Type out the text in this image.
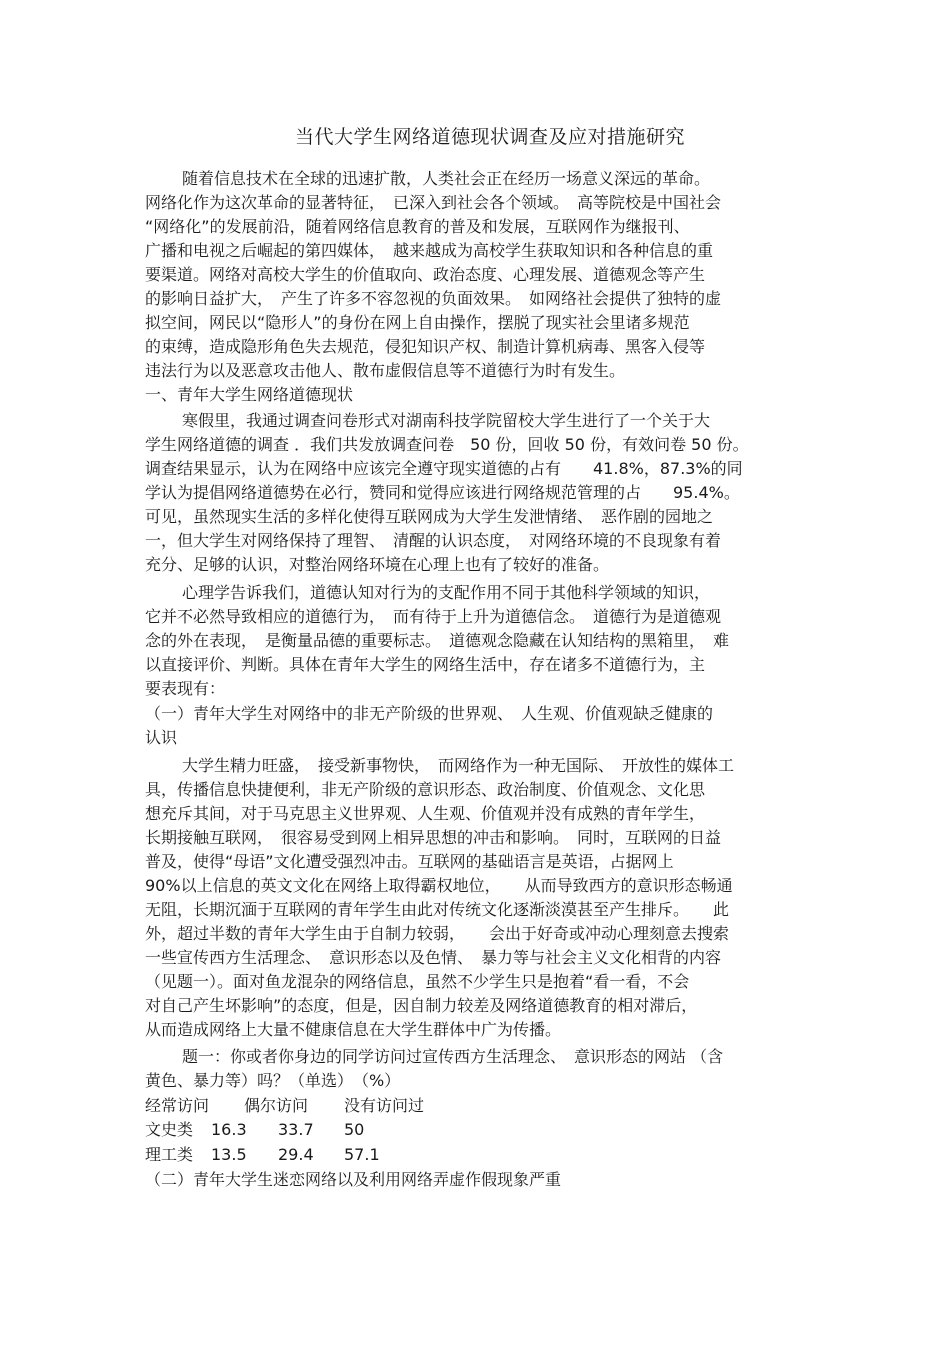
当代大学生网络道德现状调查及应对措施研究
随着信息技术在全球的迅速扩散，人类社会正在经历一场意义深远的革命。
网络化作为这次革命的显著特征，　已深入到社会各个领域。　高等院校是中国社会
“网络化”的发展前沿，随着网络信息教育的普及和发展，互联网作为继报刊、
广播和电视之后崛起的第四媒体，　越来越成为高校学生获取知识和各种信息的重
要渠道。网络对高校大学生的价值取向、政治态度、心理发展、道德观念等产生
的影响日益扩大，　产生了许多不容忽视的负面效果。　如网络社会提供了独特的虚
拟空间，网民以“隐形人”的身份在网上自由操作，摆脱了现实社会里诸多规范
的束缚，造成隐形角色失去规范，侵犯知识产权、制造计算机病毒、黑客入侵等
违法行为以及恶意攻击他人、散布虚假信息等不道德行为时有发生。
一、青年大学生网络道德现状
寒假里，我通过调查问卷形式对湖南科技学院留校大学生进行了一个关于大
学生网络道德的调查 ．我们共发放调查问卷　50 份，回收 50 份，有效问卷 50 份。
调查结果显示，认为在网络中应该完全遵守现实道德的占有　　41.8%，87.3%的同
学认为提倡网络道德势在必行，赞同和觉得应该进行网络规范管理的占　　95.4%。
可见，虽然现实生活的多样化使得互联网成为大学生发泄情绪、　恶作剧的园地之
一，但大学生对网络保持了理智、　清醒的认识态度，　对网络环境的不良现象有着
充分、足够的认识，对整治网络环境在心理上也有了较好的准备。
心理学告诉我们，道德认知对行为的支配作用不同于其他科学领域的知识，
它并不必然导致相应的道德行为，　而有待于上升为道德信念。　道德行为是道德观
念的外在表现，　是衡量品德的重要标志。　道德观念隐藏在认知结构的黑箱里，　难
以直接评价、判断。具体在青年大学生的网络生活中，存在诸多不道德行为，主
要表现有：
（一）青年大学生对网络中的非无产阶级的世界观、　人生观、价值观缺乏健康的
认识
大学生精力旺盛，　接受新事物快，　而网络作为一种无国际、　开放性的媒体工
具，传播信息快捷便利，非无产阶级的意识形态、政治制度、价值观念、文化思
想充斥其间，对于马克思主义世界观、人生观、价值观并没有成熟的青年学生，
长期接触互联网，　很容易受到网上相异思想的冲击和影响。　同时，互联网的日益
普及，使得“母语”文化遭受强烈冲击。互联网的基础语言是英语，占据网上
90%以上信息的英文文化在网络上取得霸权地位，　　从而导致西方的意识形态畅通
无阻，长期沉湎于互联网的青年学生由此对传统文化逐渐淡漠甚至产生排斥。　　此
外，超过半数的青年大学生由于自制力较弱，　　会出于好奇或冲动心理刻意去搜索
一些宣传西方生活理念、　意识形态以及色情、　暴力等与社会主义文化相背的内容
（见题一）。面对鱼龙混杂的网络信息，虽然不少学生只是抱着“看一看，不会
对自己产生坏影响”的态度，但是，因自制力较差及网络道德教育的相对滞后，
从而造成网络上大量不健康信息在大学生群体中广为传播。
题一：你或者你身边的同学访问过宣传西方生活理念、　意识形态的网站 （含
黄色、暴力等）吗？（单选）　（%）
经常访问 偶尔访问 没有访问过
文史类 16.3 33.7 50
理工类 13.5 29.4 57.1
（二）青年大学生迷恋网络以及利用网络弄虚作假现象严重
